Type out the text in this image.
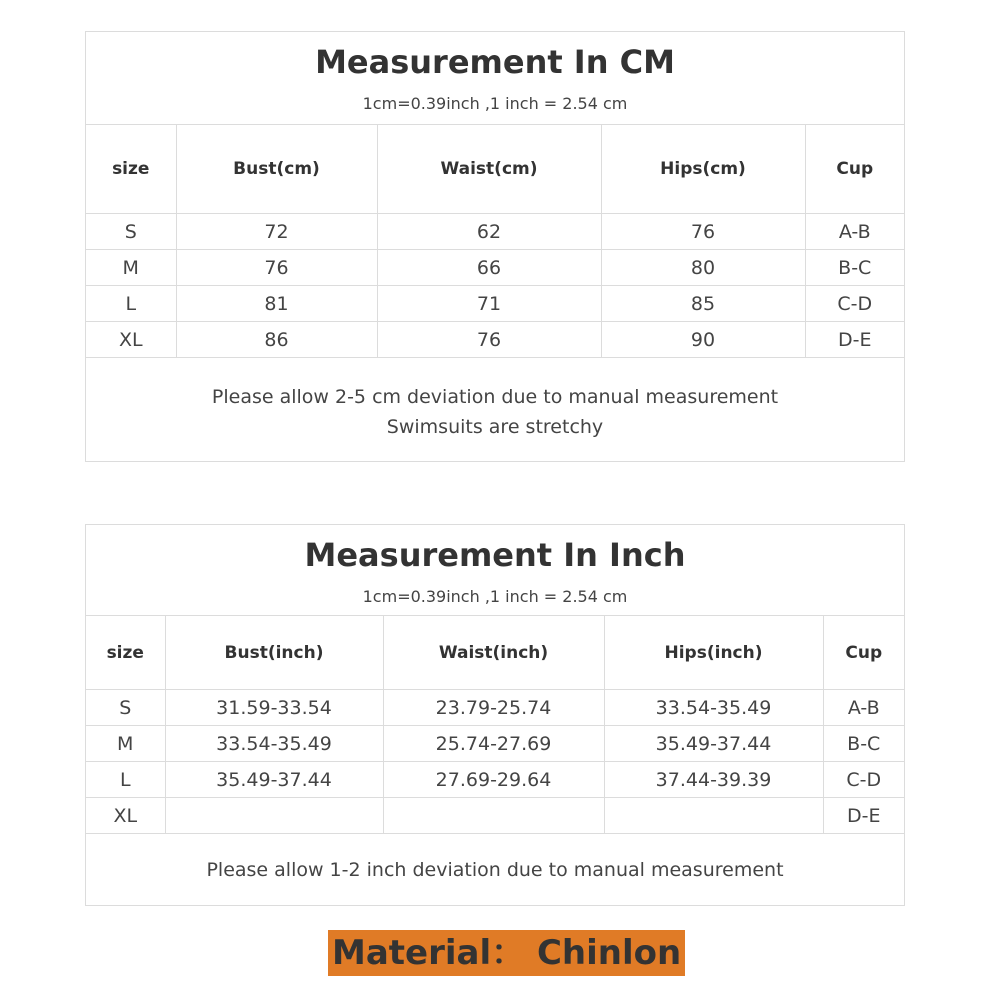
Measurement In CM
1cm=0.39inch ,1 inch = 2.54 cm
size	Bust(cm)	Waist(cm)	Hips(cm)	Cup
S	72	62	76	A-B
M	76	66	80	B-C
L	81	71	85	C-D
XL	86	76	90	D-E
Please allow 2-5 cm deviation due to manual measurement
Swimsuits are stretchy
Measurement In Inch
1cm=0.39inch ,1 inch = 2.54 cm
size	Bust(inch)	Waist(inch)	Hips(inch)	Cup
S	31.59-33.54	23.79-25.74	33.54-35.49	A-B
M	33.54-35.49	25.74-27.69	35.49-37.44	B-C
L	35.49-37.44	27.69-29.64	37.44-39.39	C-D
XL				D-E
Please allow 1-2 inch deviation due to manual measurement
Material： Chinlon
